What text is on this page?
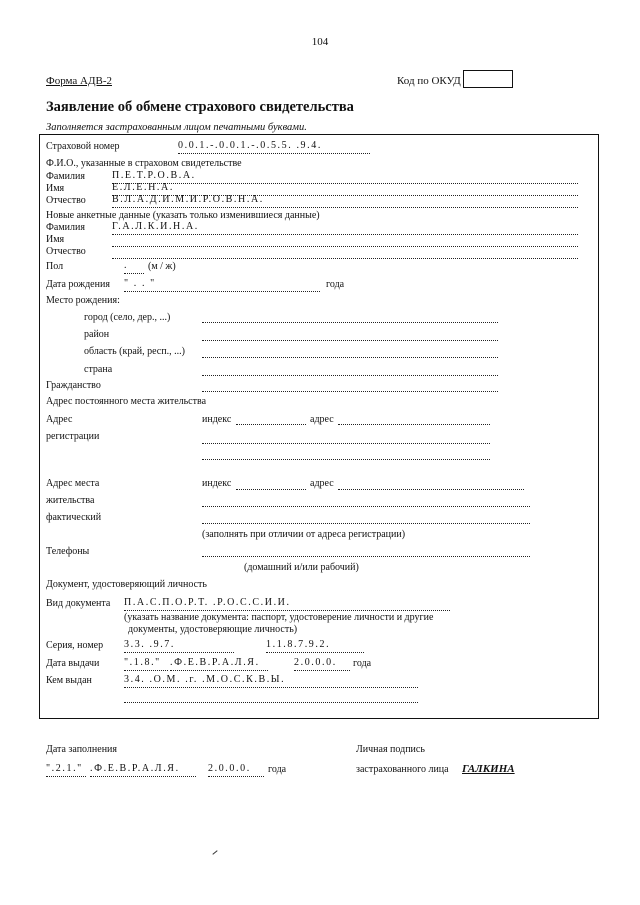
104
Форма АДВ-2	Код по ОКУД
Заявление об обмене страхового свидетельства
Заполняется застрахованным лицом печатными буквами.
Страховой номер	0.0.1.-.0.0.1.-.0.5.5. .9.4.
Ф.И.О., указанные в страховом свидетельстве
Фамилия	П.Е.Т.Р.О.В.А.
Имя	Е.Л.Е.Н.А.
Отчество	В.Л.А.Д.И.М.И.Р.О.В.Н.А.
Новые анкетные данные (указать только изменившиеся данные)
Фамилия	Г.А.Л.К.И.Н.А.
Имя
Отчество
Пол	.	(м / ж)
Дата рождения " . . "	года
Место рождения:
город (село, дер., ...)
район
область (край, респ., ...)
страна
Гражданство
Адрес постоянного места жительства
Адрес
регистрации
индекс	адрес
Адрес места
жительства
фактический
индекс	адрес
(заполнять при отличии от адреса регистрации)
Телефоны
(домашний и/или рабочий)
Документ, удостоверяющий личность
Вид документа П.А.С.П.О.Р.Т. .Р.О.С.С.И.И.
(указать название документа: паспорт, удостоверение личности и другие
документы, удостоверяющие личность)
Серия, номер 3.3. .9.7.	1.1.8.7.9.2.
Дата выдачи ".1.8." .Ф.Е.В.Р.А.Л.Я.	2.0.0.0.	года
Кем выдан	3.4. .О.М. .г. .М.О.С.К.В.Ы.
Дата заполнения
".2.1." .Ф.Е.В.Р.А.Л.Я.	2.0.0.0.	года
Личная подпись
застрахованного лица ГАЛКИНА
